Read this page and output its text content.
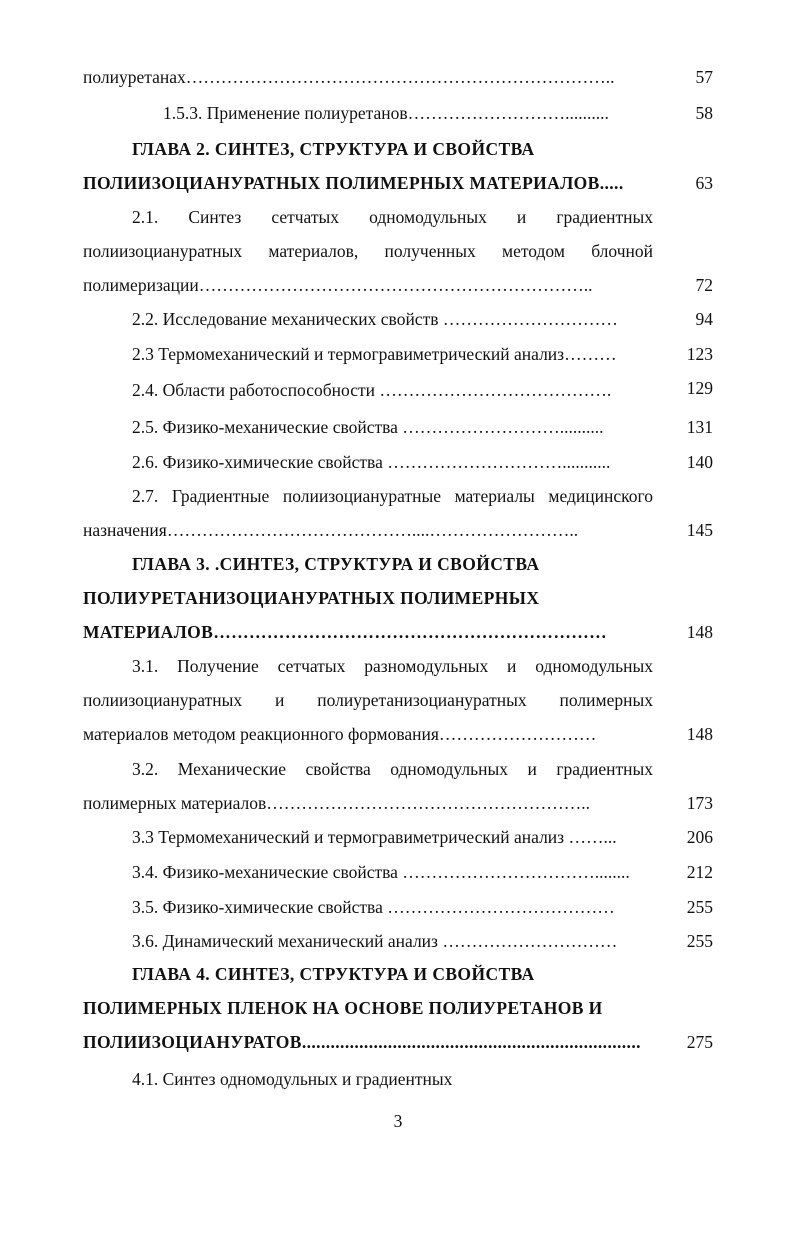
полиуретанах………………………………………………………………..	57
1.5.3. Применение полиуретанов………………………..........	58
ГЛАВА 2. СИНТЕЗ, СТРУКТУРА И СВОЙСТВА
ПОЛИИЗОЦИАНУРАТНЫХ ПОЛИМЕРНЫХ МАТЕРИАЛОВ.....	63
2.1. Синтез сетчатых одномодульных и градиентных
полиизоциануратных материалов, полученных методом блочной
полимеризации…………………………………………………………..	72
2.2. Исследование механических свойств …………………………	94
2.3 Термомеханический и термогравиметрический анализ………	123
2.4. Области работоспособности ………………………………….	129
2.5. Физико-механические свойства ………………………..........	131
2.6. Физико-химические свойства …………………………...........	140
2.7. Градиентные полиизоциануратные материалы медицинского
назначения……………………………………....……………………..	145
ГЛАВА 3. .СИНТЕЗ, СТРУКТУРА И СВОЙСТВА
ПОЛИУРЕТАНИЗОЦИАНУРАТНЫХ ПОЛИМЕРНЫХ
МАТЕРИАЛОВ…………………………………………………………	148
3.1. Получение сетчатых разномодульных и одномодульных
полиизоциануратных и полиуретанизоциануратных полимерных
материалов методом реакционного формования………………………	148
3.2. Механические свойства одномодульных и градиентных
полимерных материалов………………………………………………..	173
3.3 Термомеханический и термогравиметрический анализ ……...	206
3.4. Физико-механические свойства ……………………………........	212
3.5. Физико-химические свойства …………………………………	255
3.6. Динамический механический анализ …………………………	255
ГЛАВА 4. СИНТЕЗ, СТРУКТУРА И СВОЙСТВА
ПОЛИМЕРНЫХ ПЛЕНОК НА ОСНОВЕ ПОЛИУРЕТАНОВ И
ПОЛИИЗОЦИАНУРАТОВ.......................................................................	275
4.1. Синтез одномодульных и градиентных
3
